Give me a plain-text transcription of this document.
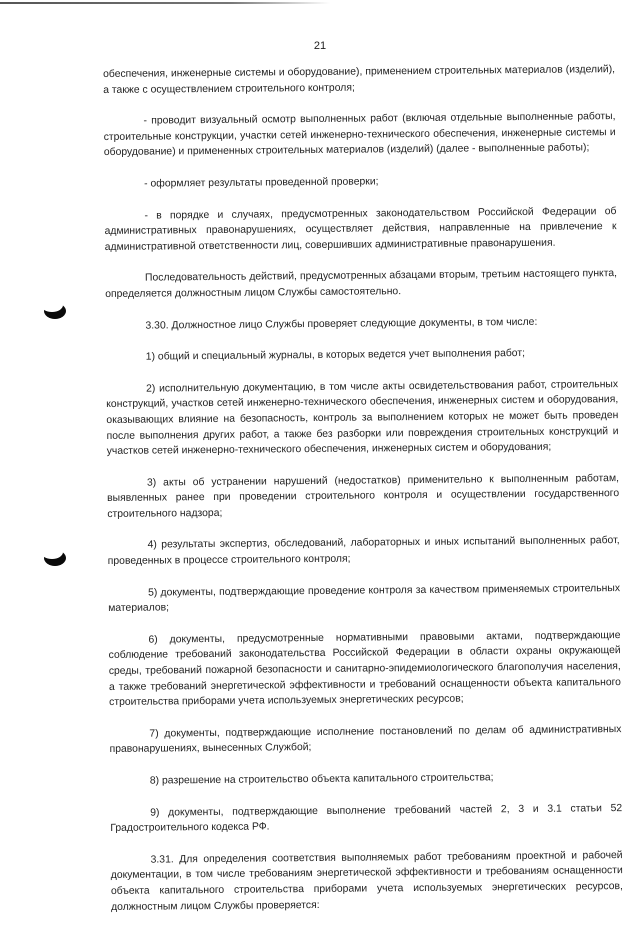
21

обеспечения, инженерные системы и оборудование), применением строительных материалов (изделий), а также с осуществлением строительного контроля;

- проводит визуальный осмотр выполненных работ (включая отдельные выполненные работы, строительные конструкции, участки сетей инженерно-технического обеспечения, инженерные системы и оборудование) и примененных строительных материалов (изделий) (далее - выполненные работы);

- оформляет результаты проведенной проверки;

- в порядке и случаях, предусмотренных законодательством Российской Федерации об административных правонарушениях, осуществляет действия, направленные на привлечение к административной ответственности лиц, совершивших административные правонарушения.

Последовательность действий, предусмотренных абзацами вторым, третьим настоящего пункта, определяется должностным лицом Службы самостоятельно.

3.30. Должностное лицо Службы проверяет следующие документы, в том числе:

1) общий и специальный журналы, в которых ведется учет выполнения работ;

2) исполнительную документацию, в том числе акты освидетельствования работ, строительных конструкций, участков сетей инженерно-технического обеспечения, инженерных систем и оборудования, оказывающих влияние на безопасность, контроль за выполнением которых не может быть проведен после выполнения других работ, а также без разборки или повреждения строительных конструкций и участков сетей инженерно-технического обеспечения, инженерных систем и оборудования;

3) акты об устранении нарушений (недостатков) применительно к выполненным работам, выявленных ранее при проведении строительного контроля и осуществлении государственного строительного надзора;

4) результаты экспертиз, обследований, лабораторных и иных испытаний выполненных работ, проведенных в процессе строительного контроля;

5) документы, подтверждающие проведение контроля за качеством применяемых строительных материалов;

6) документы, предусмотренные нормативными правовыми актами, подтверждающие соблюдение требований законодательства Российской Федерации в области охраны окружающей среды, требований пожарной безопасности и санитарно-эпидемиологического благополучия населения, а также требований энергетической эффективности и требований оснащенности объекта капитального строительства приборами учета используемых энергетических ресурсов;

7) документы, подтверждающие исполнение постановлений по делам об административных правонарушениях, вынесенных Службой;

8) разрешение на строительство объекта капитального строительства;

9) документы, подтверждающие выполнение требований частей 2, 3 и 3.1 статьи 52 Градостроительного кодекса РФ.

3.31. Для определения соответствия выполняемых работ требованиям проектной и рабочей документации, в том числе требованиям энергетической эффективности и требованиям оснащенности объекта капитального строительства приборами учета используемых энергетических ресурсов, должностным лицом Службы проверяется:
